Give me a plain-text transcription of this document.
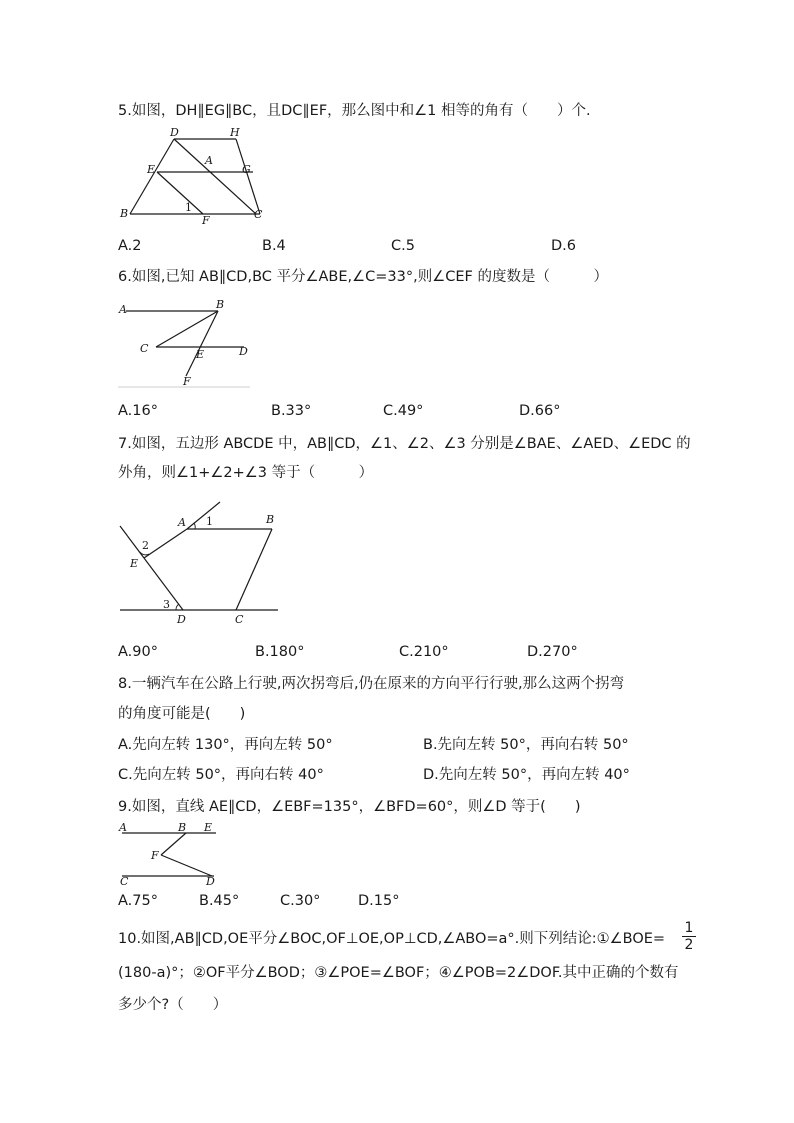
5.如图，DH∥EG∥BC，且DC∥EF，那么图中和∠1 相等的角有（　　）个.
D	H
E
A
G
B	1
F	C
A.2	B.4	C.5	D.6
6.如图,已知 AB∥CD,BC 平分∠ABE,∠C=33°,则∠CEF 的度数是（　　　）
A	B
C	E	D
F
A.16°	B.33°	C.49°	D.66°
7.如图，五边形 ABCDE 中，AB∥CD，∠1、∠2、∠3 分别是∠BAE、∠AED、∠EDC 的
外角，则∠1+∠2+∠3 等于（　　　）
A 1	B
2
E
3
D	C
A.90°	B.180°	C.210°	D.270°
8.一辆汽车在公路上行驶,两次拐弯后,仍在原来的方向平行行驶,那么这两个拐弯
的角度可能是(　　)
A.先向左转 130°，再向左转 50°	B.先向左转 50°，再向右转 50°
C.先向左转 50°，再向右转 40°	D.先向左转 50°，再向左转 40°
9.如图，直线 AE∥CD，∠EBF=135°，∠BFD=60°，则∠D 等于(　　)
A	B E
F
C	D
A.75°	B.45°	C.30°	D.15°
10.如图,AB∥CD,OE平分∠BOC,OF⊥OE,OP⊥CD,∠ABO=a°.则下列结论:①∠BOE= $\frac{1}{2}$
(180-a)°；②OF平分∠BOD；③∠POE=∠BOF；④∠POB=2∠DOF.其中正确的个数有
多少个?（　　）
